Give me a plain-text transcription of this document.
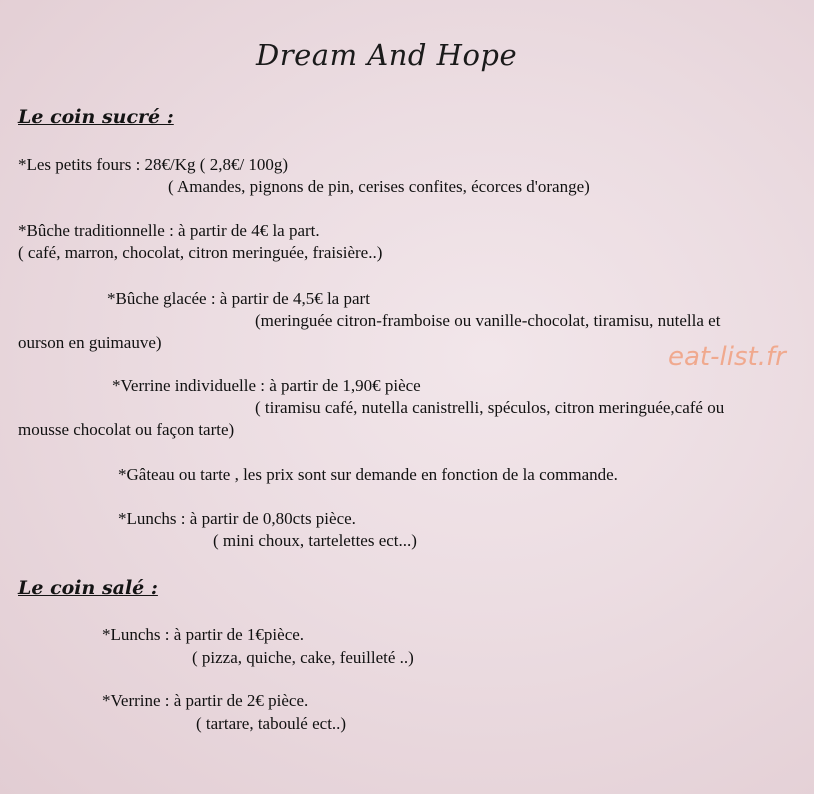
Dream And Hope
Le coin sucré :
*Les petits fours : 28€/Kg ( 2,8€/ 100g)
( Amandes, pignons de pin, cerises confites, écorces d'orange)
*Bûche traditionnelle : à partir de 4€ la part.
( café, marron, chocolat, citron meringuée, fraisière..)
*Bûche glacée : à partir de 4,5€ la part
(meringuée citron-framboise ou vanille-chocolat, tiramisu, nutella et
ourson en guimauve)
*Verrine individuelle : à partir de 1,90€ pièce
( tiramisu café, nutella canistrelli, spéculos, citron meringuée,café ou
mousse chocolat ou façon tarte)
*Gâteau ou tarte , les prix sont sur demande en fonction de la commande.
*Lunchs : à partir de 0,80cts pièce.
( mini choux, tartelettes ect...)
Le coin salé :
*Lunchs : à partir de 1€pièce.
( pizza, quiche, cake, feuilleté ..)
*Verrine : à partir de 2€ pièce.
( tartare, taboulé ect..)
eat-list.fr
